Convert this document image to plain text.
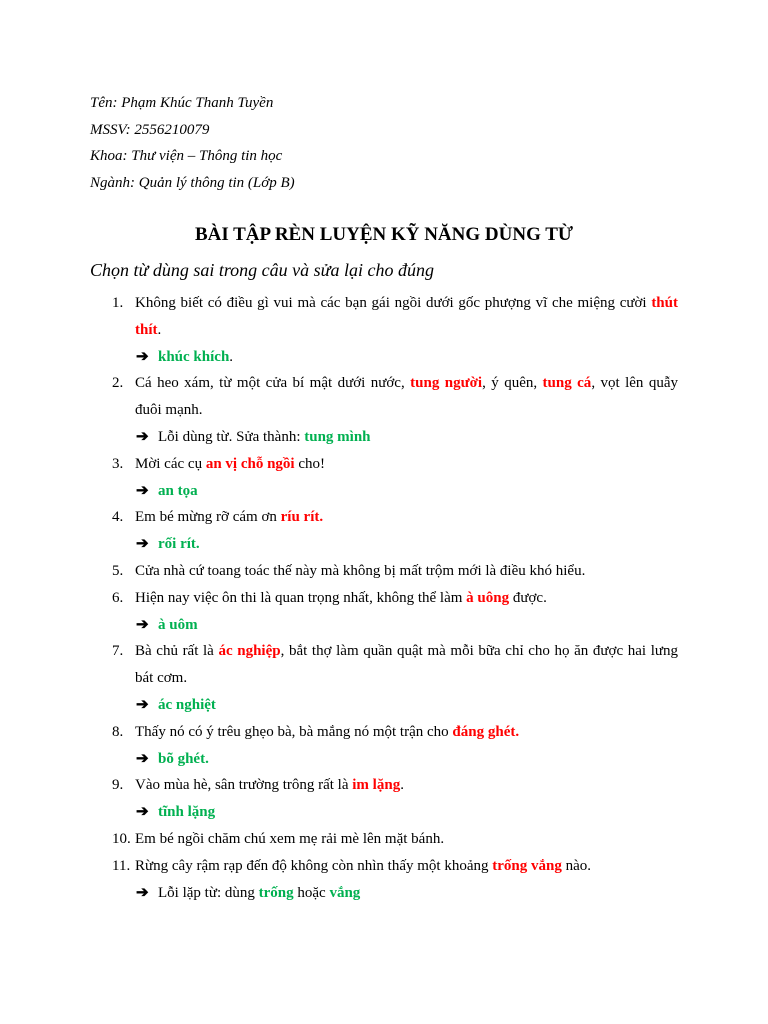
Tên: Phạm Khúc Thanh Tuyền
MSSV: 2556210079
Khoa: Thư viện – Thông tin học
Ngành: Quản lý thông tin (Lớp B)
BÀI TẬP RÈN LUYỆN KỸ NĂNG DÙNG TỪ
Chọn từ dùng sai trong câu và sửa lại cho đúng
1. Không biết có điều gì vui mà các bạn gái ngồi dưới gốc phượng vĩ che miệng cười thút
thít.
➔ khúc khích.
2. Cá heo xám, từ một cửa bí mật dưới nước, tung người, ý quên, tung cá, vọt lên quẫy
đuôi mạnh.
➔ Lỗi dùng từ. Sửa thành: tung mình
3. Mời các cụ an vị chỗ ngồi cho!
➔ an tọa
4. Em bé mừng rỡ cám ơn ríu rít.
➔ rối rít.
5. Cửa nhà cứ toang toác thế này mà không bị mất trộm mới là điều khó hiểu.
6. Hiện nay việc ôn thi là quan trọng nhất, không thể làm à uông được.
➔ à uôm
7. Bà chủ rất là ác nghiệp, bắt thợ làm quần quật mà mỗi bữa chỉ cho họ ăn được hai lưng
bát cơm.
➔ ác nghiệt
8. Thấy nó có ý trêu ghẹo bà, bà mắng nó một trận cho đáng ghét.
➔ bõ ghét.
9. Vào mùa hè, sân trường trông rất là im lặng.
➔ tĩnh lặng
10. Em bé ngồi chăm chú xem mẹ rải mè lên mặt bánh.
11. Rừng cây rậm rạp đến độ không còn nhìn thấy một khoảng trống vắng nào.
➔ Lỗi lặp từ: dùng trống hoặc vắng
